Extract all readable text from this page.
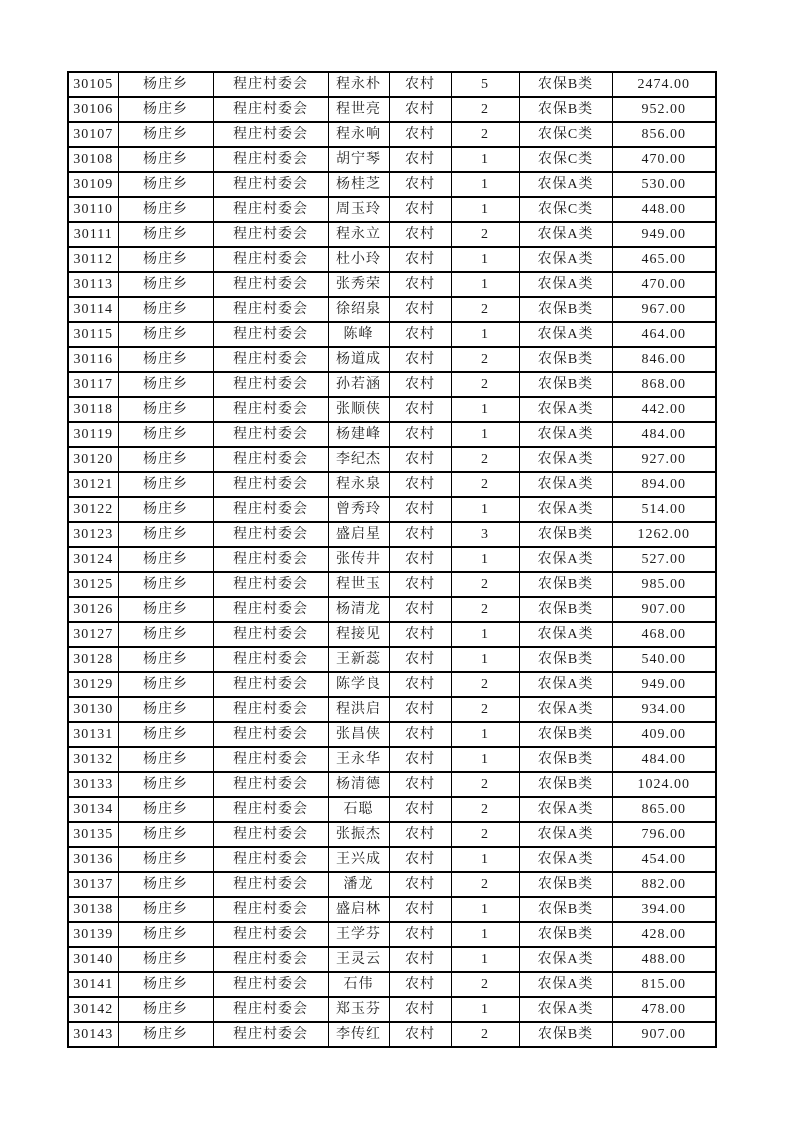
30105	杨庄乡	程庄村委会	程永朴	农村	5	农保B类	2474.00
30106	杨庄乡	程庄村委会	程世亮	农村	2	农保B类	952.00
30107	杨庄乡	程庄村委会	程永响	农村	2	农保C类	856.00
30108	杨庄乡	程庄村委会	胡宁琴	农村	1	农保C类	470.00
30109	杨庄乡	程庄村委会	杨桂芝	农村	1	农保A类	530.00
30110	杨庄乡	程庄村委会	周玉玲	农村	1	农保C类	448.00
30111	杨庄乡	程庄村委会	程永立	农村	2	农保A类	949.00
30112	杨庄乡	程庄村委会	杜小玲	农村	1	农保A类	465.00
30113	杨庄乡	程庄村委会	张秀荣	农村	1	农保A类	470.00
30114	杨庄乡	程庄村委会	徐绍泉	农村	2	农保B类	967.00
30115	杨庄乡	程庄村委会	陈峰	农村	1	农保A类	464.00
30116	杨庄乡	程庄村委会	杨道成	农村	2	农保B类	846.00
30117	杨庄乡	程庄村委会	孙若涵	农村	2	农保B类	868.00
30118	杨庄乡	程庄村委会	张顺侠	农村	1	农保A类	442.00
30119	杨庄乡	程庄村委会	杨建峰	农村	1	农保A类	484.00
30120	杨庄乡	程庄村委会	李纪杰	农村	2	农保A类	927.00
30121	杨庄乡	程庄村委会	程永泉	农村	2	农保A类	894.00
30122	杨庄乡	程庄村委会	曾秀玲	农村	1	农保A类	514.00
30123	杨庄乡	程庄村委会	盛启星	农村	3	农保B类	1262.00
30124	杨庄乡	程庄村委会	张传井	农村	1	农保A类	527.00
30125	杨庄乡	程庄村委会	程世玉	农村	2	农保B类	985.00
30126	杨庄乡	程庄村委会	杨清龙	农村	2	农保B类	907.00
30127	杨庄乡	程庄村委会	程接见	农村	1	农保A类	468.00
30128	杨庄乡	程庄村委会	王新蕊	农村	1	农保B类	540.00
30129	杨庄乡	程庄村委会	陈学良	农村	2	农保A类	949.00
30130	杨庄乡	程庄村委会	程洪启	农村	2	农保A类	934.00
30131	杨庄乡	程庄村委会	张昌侠	农村	1	农保B类	409.00
30132	杨庄乡	程庄村委会	王永华	农村	1	农保B类	484.00
30133	杨庄乡	程庄村委会	杨清德	农村	2	农保B类	1024.00
30134	杨庄乡	程庄村委会	石聪	农村	2	农保A类	865.00
30135	杨庄乡	程庄村委会	张振杰	农村	2	农保A类	796.00
30136	杨庄乡	程庄村委会	王兴成	农村	1	农保A类	454.00
30137	杨庄乡	程庄村委会	潘龙	农村	2	农保B类	882.00
30138	杨庄乡	程庄村委会	盛启林	农村	1	农保B类	394.00
30139	杨庄乡	程庄村委会	王学芬	农村	1	农保B类	428.00
30140	杨庄乡	程庄村委会	王灵云	农村	1	农保A类	488.00
30141	杨庄乡	程庄村委会	石伟	农村	2	农保A类	815.00
30142	杨庄乡	程庄村委会	郑玉芬	农村	1	农保A类	478.00
30143	杨庄乡	程庄村委会	李传红	农村	2	农保B类	907.00
